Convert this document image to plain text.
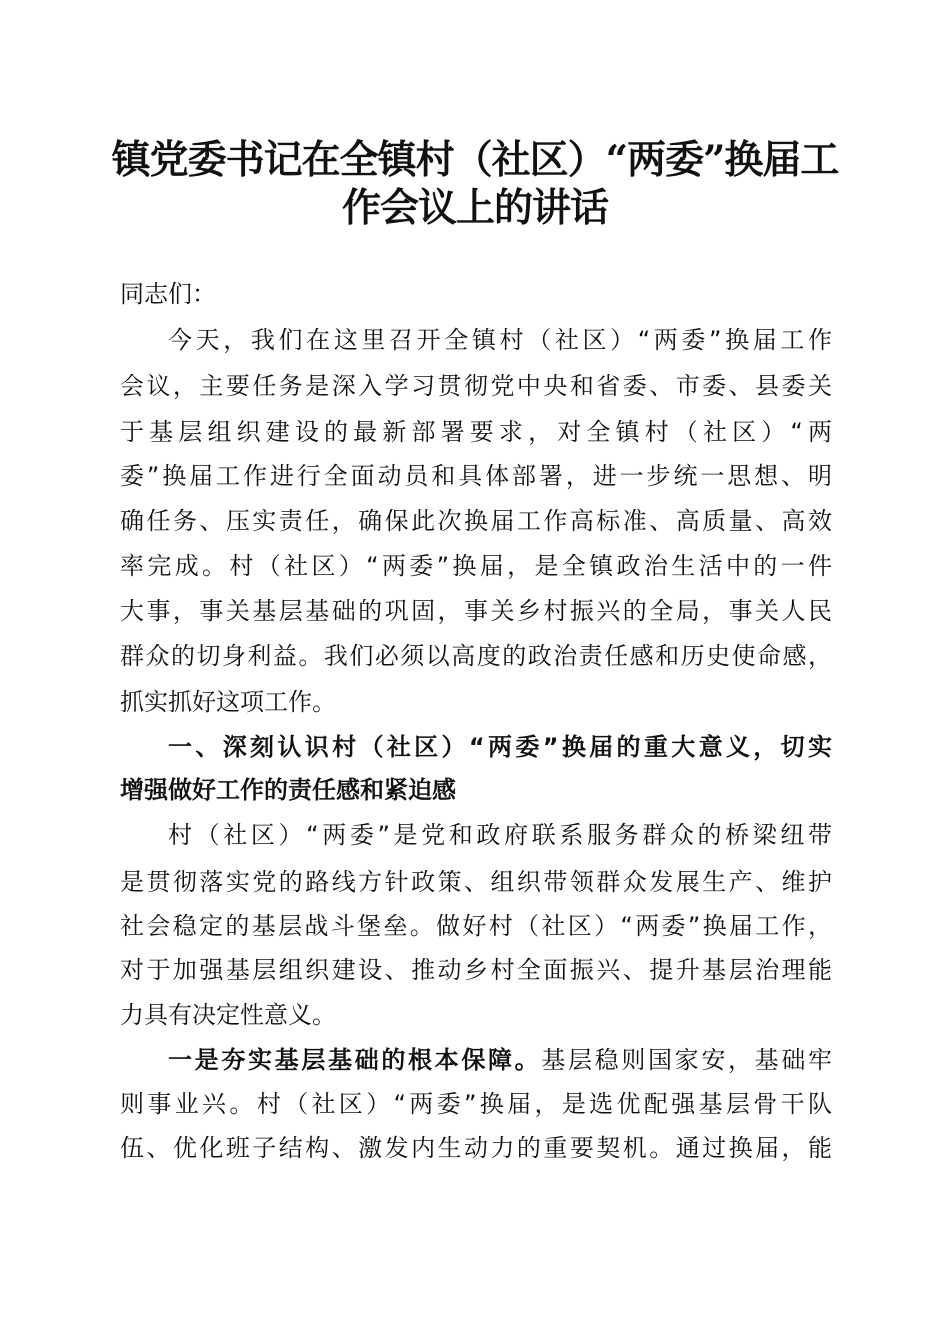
镇党委书记在全镇村（社区）“两委”换届工
作会议上的讲话
同志们：
今天，我们在这里召开全镇村（社区）“两委”换届工作
会议，主要任务是深入学习贯彻党中央和省委、市委、县委关
于基层组织建设的最新部署要求，对全镇村（社区）“两
委”换届工作进行全面动员和具体部署，进一步统一思想、明
确任务、压实责任，确保此次换届工作高标准、高质量、高效
率完成。村（社区）“两委”换届，是全镇政治生活中的一件
大事，事关基层基础的巩固，事关乡村振兴的全局，事关人民
群众的切身利益。我们必须以高度的政治责任感和历史使命感，
抓实抓好这项工作。
一、深刻认识村（社区）“两委”换届的重大意义，切实
增强做好工作的责任感和紧迫感
村（社区）“两委”是党和政府联系服务群众的桥梁纽带
是贯彻落实党的路线方针政策、组织带领群众发展生产、维护
社会稳定的基层战斗堡垒。做好村（社区）“两委”换届工作，
对于加强基层组织建设、推动乡村全面振兴、提升基层治理能
力具有决定性意义。
一是夯实基层基础的根本保障。基层稳则国家安，基础牢
则事业兴。村（社区）“两委”换届，是选优配强基层骨干队
伍、优化班子结构、激发内生动力的重要契机。通过换届，能
